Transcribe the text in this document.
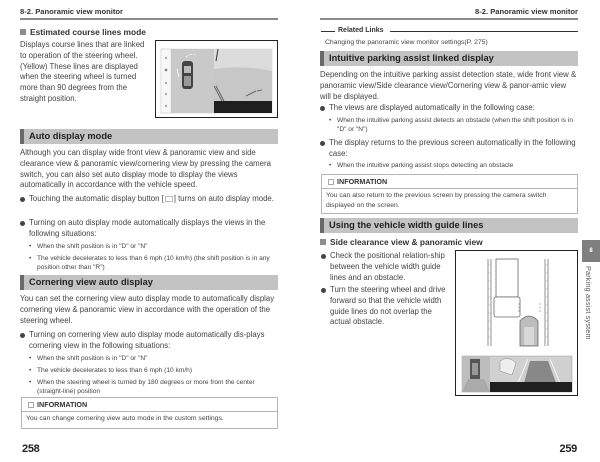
8-2. Panoramic view monitor
Estimated course lines mode
Displays course lines that are linked to operation of the steering wheel. (Yellow) These lines are displayed when the steering wheel is turned more than 90 degrees from the straight position.
Auto display mode
Although you can display wide front view & panoramic view and side clearance view & panoramic view/cornering view by pressing the camera switch, you can also set auto display mode to display the views automatically in accordance with the vehicle speed.
Touching the automatic display button [ ] turns on auto display mode.
Turning on auto display mode automatically displays the views in the following situations:
• When the shift position is in "D" or "N"
• The vehicle decelerates to less than 6 mph (10 km/h) (the shift position is in any position other than "R")
Cornering view auto display
You can set the cornering view auto display mode to automatically display cornering view & panoramic view in accordance with the operation of the steering wheel.
Turning on cornering view auto display mode automatically dis-plays cornering view in the following situations:
• When the shift position is in "D" or "N"
• The vehicle decelerates to less than 6 mph (10 km/h)
• When the steering wheel is turned by 180 degrees or more from the center (straight-line) position
INFORMATION
You can change cornering view auto mode in the custom settings.
258
8-2. Panoramic view monitor
Related Links
Changing the panoramic view monitor settings(P. 275)
Intuitive parking assist linked display
Depending on the intuitive parking assist detection state, wide front view & panoramic view/Side clearance view/Cornering view & panor-amic view will be displayed.
The views are displayed automatically in the following case:
• When the intuitive parking assist detects an obstacle (when the shift position is in "D" or "N")
The display returns to the previous screen automatically in the following case:
• When the intuitive parking assist stops detecting an obstacle
INFORMATION
You can also return to the previous screen by pressing the camera switch displayed on the screen.
Using the vehicle width guide lines
Side clearance view & panoramic view
Check the positional relation-ship between the vehicle width guide lines and an obstacle.
Turn the steering wheel and drive forward so that the vehicle width guide lines do not overlap the actual obstacle.
8
Parking assist system
259
